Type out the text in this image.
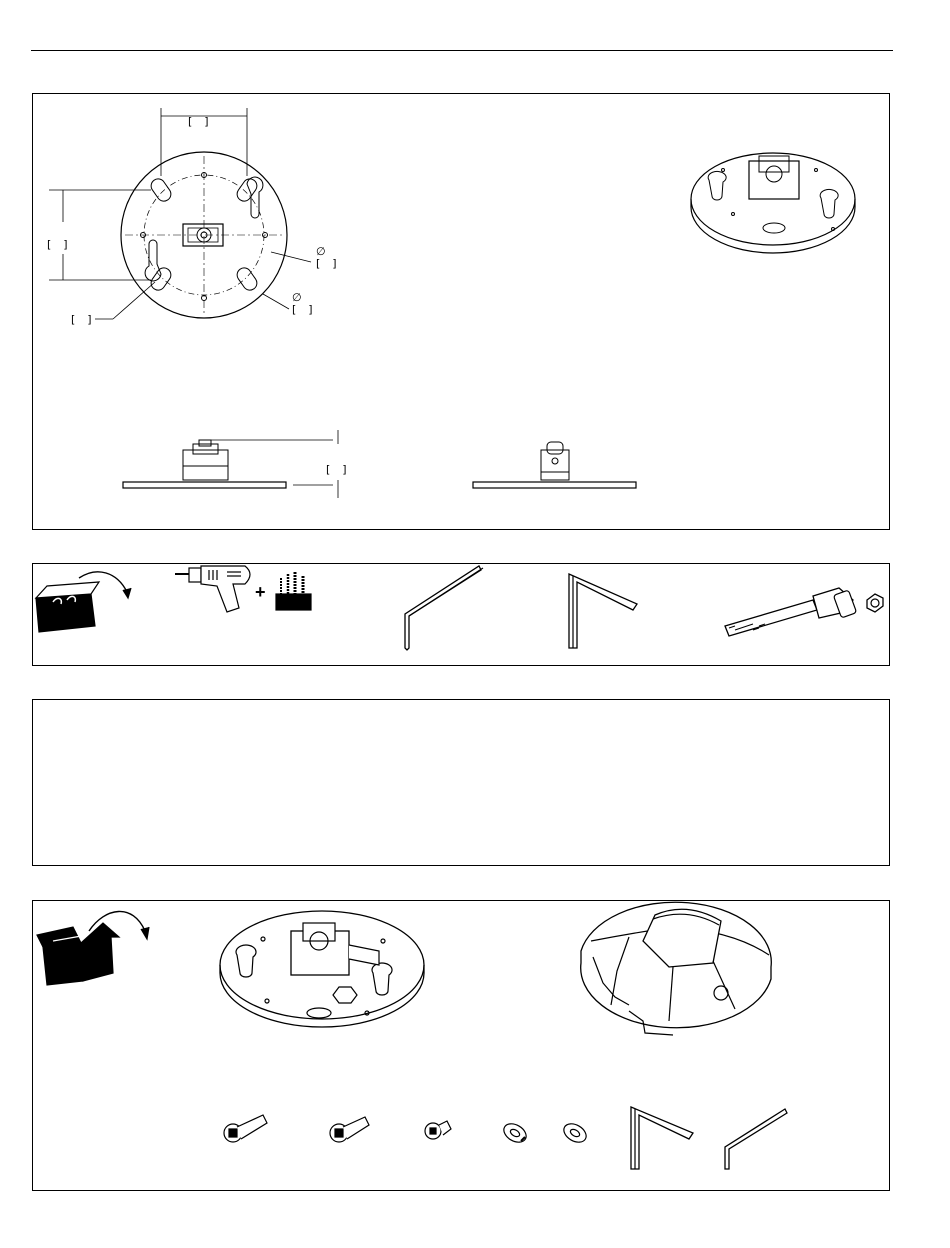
[ ]
[ ]
∅
[ ]
∅
[ ]
[ ]
[ ]
+
